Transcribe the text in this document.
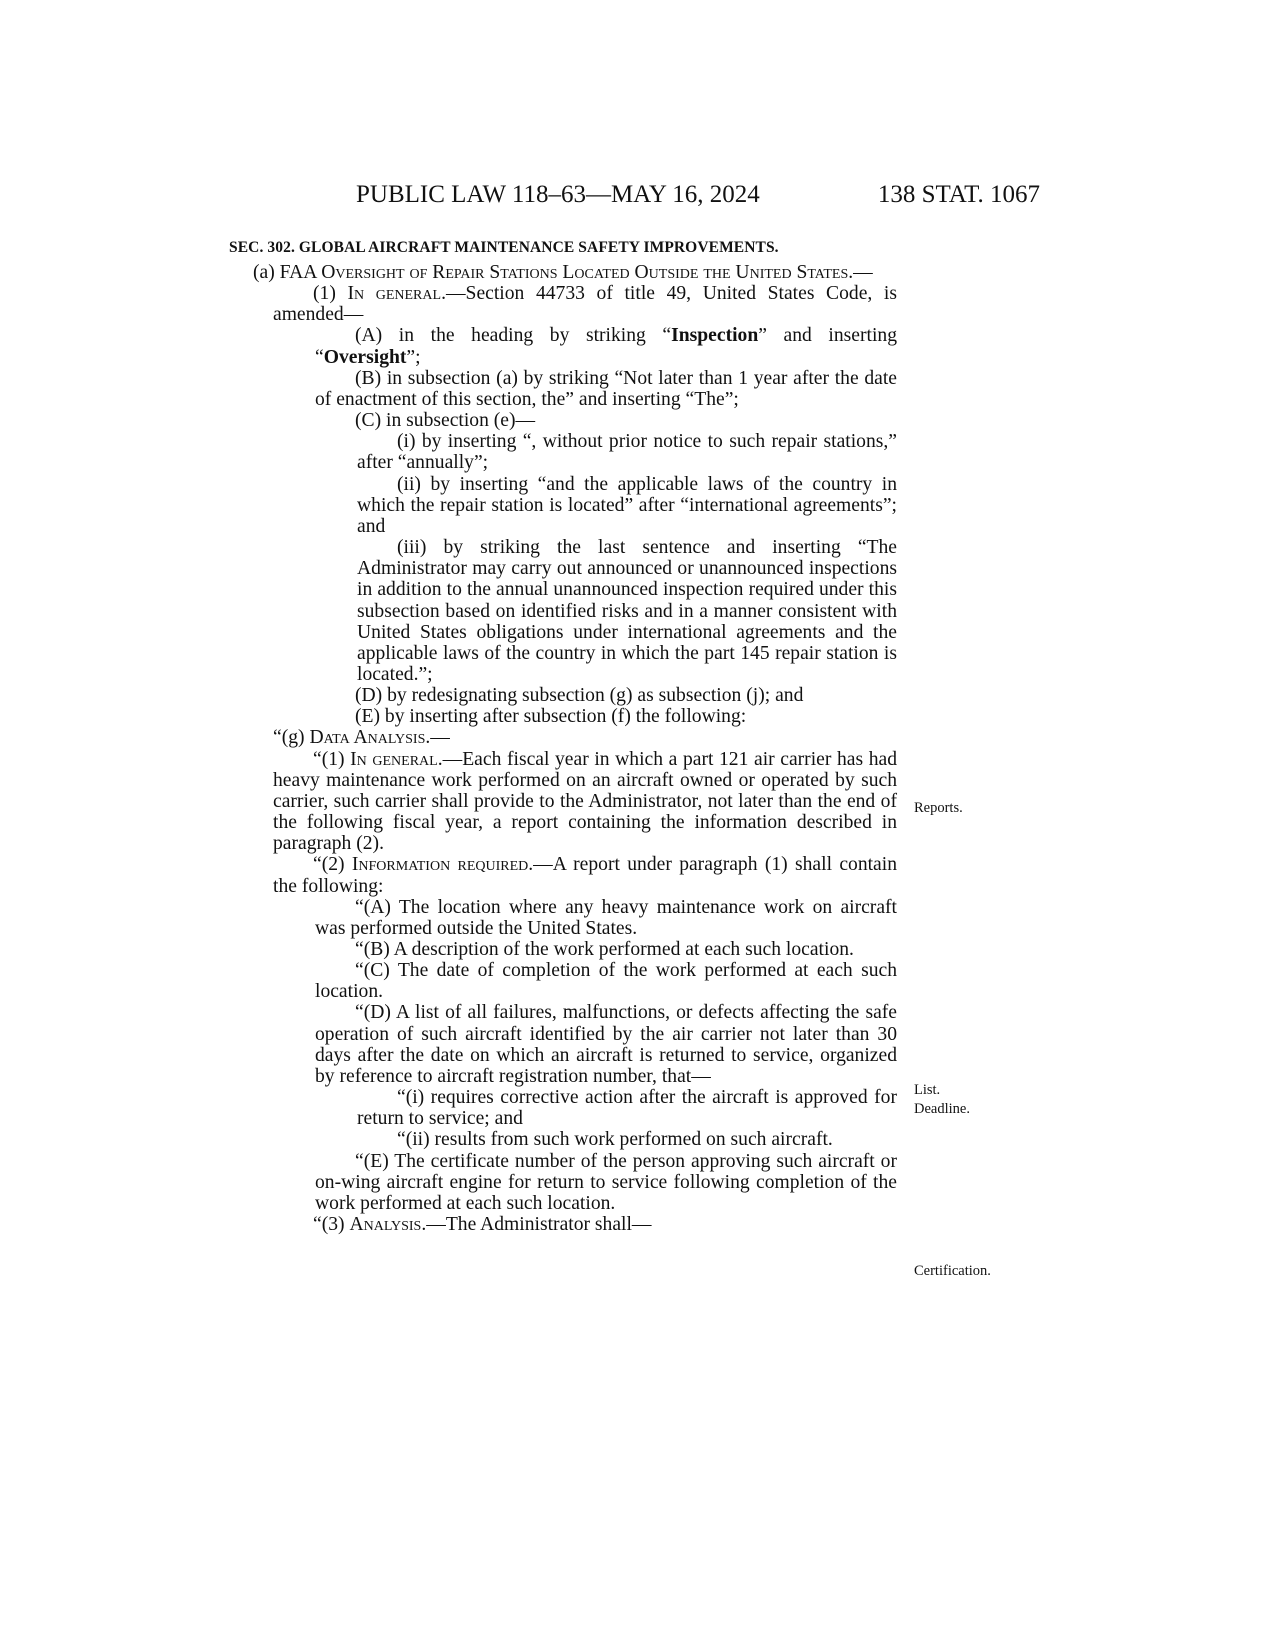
PUBLIC LAW 118–63—MAY 16, 2024	138 STAT. 1067
SEC. 302. GLOBAL AIRCRAFT MAINTENANCE SAFETY IMPROVEMENTS.

(a) FAA Oversight of Repair Stations Located Outside the United States.—

(1) In general.—Section 44733 of title 49, United States Code, is amended—

(A) in the heading by striking “Inspection” and inserting “Oversight”;

(B) in subsection (a) by striking “Not later than 1 year after the date of enactment of this section, the” and inserting “The”;

(C) in subsection (e)—

(i) by inserting “, without prior notice to such repair stations,” after “annually”;

(ii) by inserting “and the applicable laws of the country in which the repair station is located” after “international agreements”; and

(iii) by striking the last sentence and inserting “The Administrator may carry out announced or unannounced inspections in addition to the annual unannounced inspection required under this subsection based on identified risks and in a manner consistent with United States obligations under international agreements and the applicable laws of the country in which the part 145 repair station is located.”;

(D) by redesignating subsection (g) as subsection (j); and

(E) by inserting after subsection (f) the following:

“(g) Data Analysis.—

“(1) In general.—Each fiscal year in which a part 121 air carrier has had heavy maintenance work performed on an aircraft owned or operated by such carrier, such carrier shall provide to the Administrator, not later than the end of the following fiscal year, a report containing the information described in paragraph (2).

“(2) Information required.—A report under paragraph (1) shall contain the following:

“(A) The location where any heavy maintenance work on aircraft was performed outside the United States.

“(B) A description of the work performed at each such location.

“(C) The date of completion of the work performed at each such location.

“(D) A list of all failures, malfunctions, or defects affecting the safe operation of such aircraft identified by the air carrier not later than 30 days after the date on which an aircraft is returned to service, organized by reference to aircraft registration number, that—

“(i) requires corrective action after the aircraft is approved for return to service; and

“(ii) results from such work performed on such aircraft.

“(E) The certificate number of the person approving such aircraft or on-wing aircraft engine for return to service following completion of the work performed at each such location.

“(3) Analysis.—The Administrator shall—

Reports.
List.
Deadline.
Certification.
